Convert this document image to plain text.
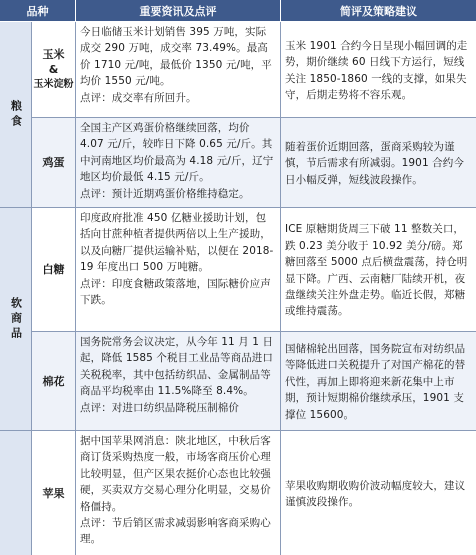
品种	重要资讯及点评	简评及策略建议
粮食
软商品
玉米
&
玉米淀粉
今日临储玉米计划销售 395 万吨，实际成交 290 万吨，成交率 73.49%。最高价 1710 元/吨，最低价 1350 元/吨，平均价 1550 元/吨。
点评：成交率有所回升。
玉米 1901 合约今日呈现小幅回调的走势，期价继续 60 日线下方运行，短线关注 1850-1860 一线的支撑，如果失守，后期走势将不容乐观。
鸡蛋
全国主产区鸡蛋价格继续回落，均价 4.07 元/斤，较昨日下降 0.65 元/斤。其中河南地区均价最高为 4.18 元/斤，辽宁地区均价最低 4.15 元/斤。
点评：预计近期鸡蛋价格维持稳定。
随着蛋价近期回落，蛋商采购较为谨慎，节后需求有所减弱。1901 合约今日小幅反弹，短线波段操作。
白糖
印度政府批准 450 亿糖业援助计划，包括向甘蔗种植者提供两倍以上生产援助，以及向糖厂提供运输补贴，以便在 2018-19 年度出口 500 万吨糖。
点评：印度食糖政策落地，国际糖价应声下跌。
ICE 原糖期货周三下破 11 整数关口，跌 0.23 美分收于 10.92 美分/磅。郑糖回落至 5000 点后横盘震荡，持仓明显下降。广西、云南糖厂陆续开机，夜盘继续关注外盘走势。临近长假，郑糖或维持震荡。
棉花
国务院常务会议决定，从今年 11 月 1 日起，降低 1585 个税目工业品等商品进口关税税率，其中包括纺织品、金属制品等商品平均税率由 11.5%降至 8.4%。
点评：对进口纺织品降税压制棉价
国储棉轮出回落，国务院宣布对纺织品等降低进口关税提升了对国产棉花的替代性，再加上即将迎来新花集中上市期，预计短期棉价继续承压，1901 支撑位 15600。
苹果
据中国苹果网消息：陕北地区，中秋后客商订货采购热度一般，市场客商压价心理比较明显，但产区果农挺价心态也比较强硬，买卖双方交易心理分化明显，交易价格僵持。
点评：节后销区需求减弱影响客商采购心理。
苹果收购期收购价波动幅度较大，建议谨慎波段操作。
